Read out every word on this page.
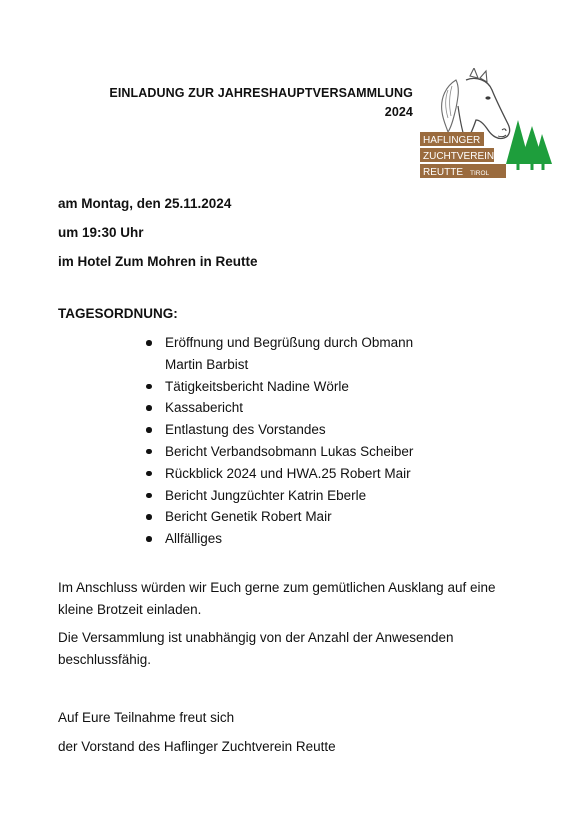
EINLADUNG ZUR JAHRESHAUPTVERSAMMLUNG
2024
HAFLINGER
ZUCHTVEREIN
REUTTE TIROL
am Montag, den 25.11.2024
um 19:30 Uhr
im Hotel Zum Mohren in Reutte
TAGESORDNUNG:
Eröffnung und Begrüßung durch Obmann Martin Barbist
Tätigkeitsbericht Nadine Wörle
Kassabericht
Entlastung des Vorstandes
Bericht Verbandsobmann Lukas Scheiber
Rückblick 2024 und HWA.25 Robert Mair
Bericht Jungzüchter Katrin Eberle
Bericht Genetik Robert Mair
Allfälliges
Im Anschluss würden wir Euch gerne zum gemütlichen Ausklang auf eine kleine Brotzeit einladen.
Die Versammlung ist unabhängig von der Anzahl der Anwesenden beschlussfähig.
Auf Eure Teilnahme freut sich
der Vorstand des Haflinger Zuchtverein Reutte
